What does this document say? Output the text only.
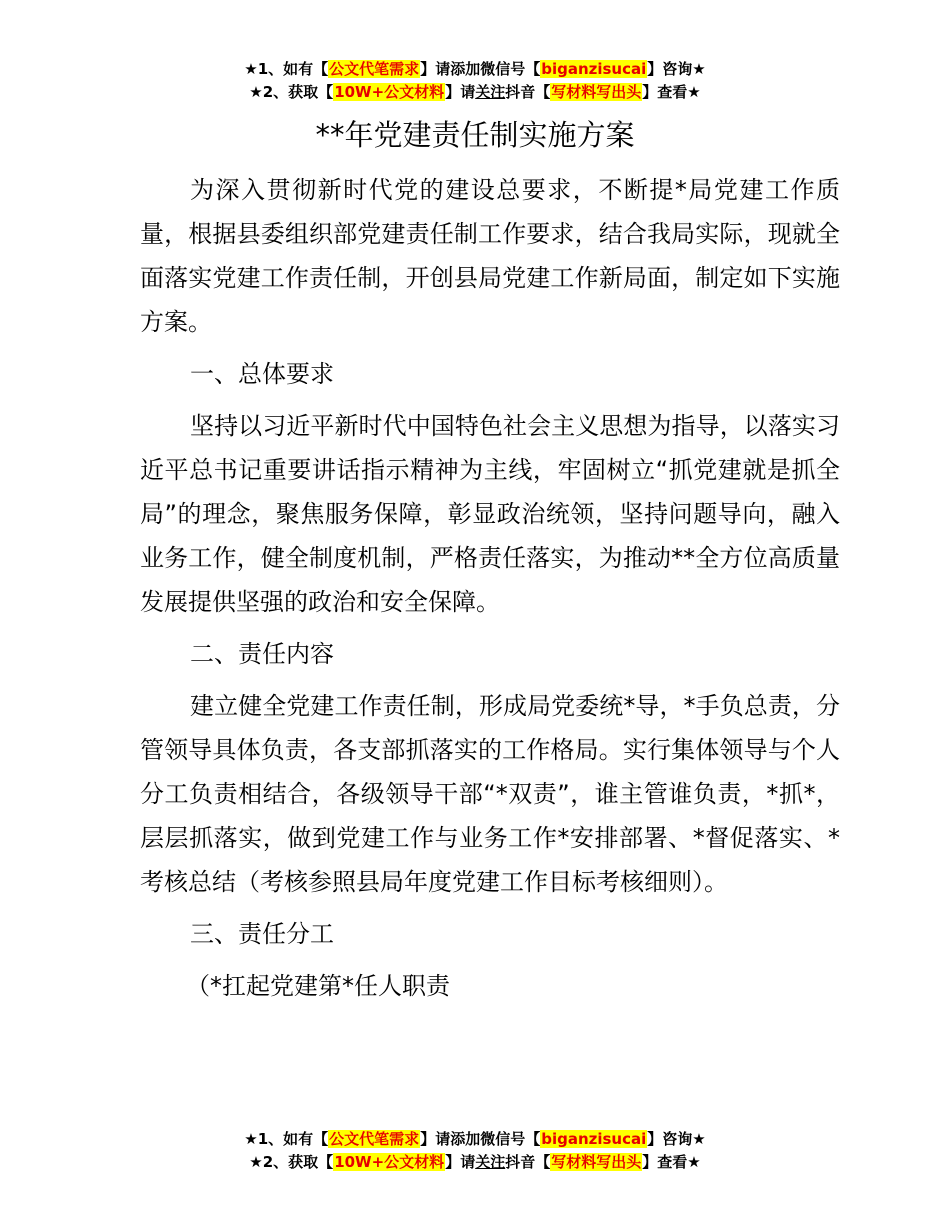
★1、如有【公文代笔需求】请添加微信号【biganzisucai】咨询★
★2、获取【10W+公文材料】请关注抖音【写材料写出头】查看★
**年党建责任制实施方案

为深入贯彻新时代党的建设总要求，不断提*局党建工作质量，根据县委组织部党建责任制工作要求，结合我局实际，现就全面落实党建工作责任制，开创县局党建工作新局面，制定如下实施方案。

一、总体要求

坚持以习近平新时代中国特色社会主义思想为指导，以落实习近平总书记重要讲话指示精神为主线，牢固树立“抓党建就是抓全局”的理念，聚焦服务保障，彰显政治统领，坚持问题导向，融入业务工作，健全制度机制，严格责任落实，为推动**全方位高质量发展提供坚强的政治和安全保障。

二、责任内容

建立健全党建工作责任制，形成局党委统*导，*手负总责，分管领导具体负责，各支部抓落实的工作格局。实行集体领导与个人分工负责相结合，各级领导干部“*双责”，谁主管谁负责，*抓*，层层抓落实，做到党建工作与业务工作*安排部署、*督促落实、*考核总结（考核参照县局年度党建工作目标考核细则）。

三、责任分工

（*扛起党建第*任人职责

★1、如有【公文代笔需求】请添加微信号【biganzisucai】咨询★
★2、获取【10W+公文材料】请关注抖音【写材料写出头】查看★
